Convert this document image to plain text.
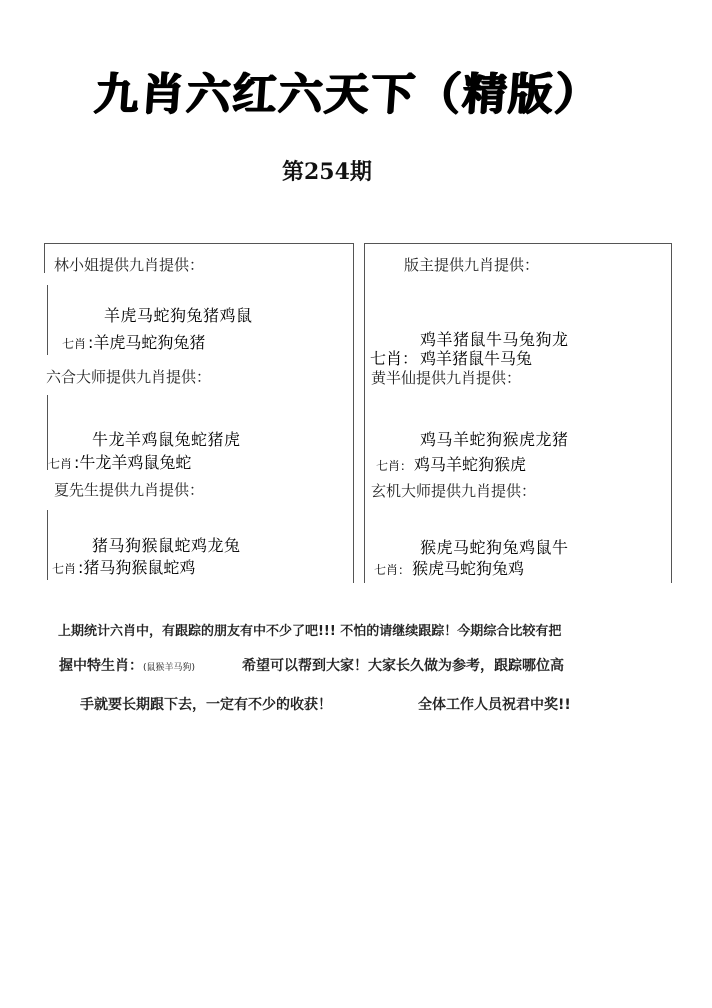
九肖六红六天下（精版）
第254期
林小姐提供九肖提供：
羊虎马蛇狗兔猪鸡鼠
七肖 :羊虎马蛇狗兔猪
六合大师提供九肖提供：
牛龙羊鸡鼠兔蛇猪虎
七肖 :牛龙羊鸡鼠兔蛇
夏先生提供九肖提供：
猪马狗猴鼠蛇鸡龙兔
七肖 :猪马狗猴鼠蛇鸡
版主提供九肖提供：
鸡羊猪鼠牛马兔狗龙
七肖： 鸡羊猪鼠牛马兔
黄半仙提供九肖提供：
鸡马羊蛇狗猴虎龙猪
七肖： 鸡马羊蛇狗猴虎
玄机大师提供九肖提供：
猴虎马蛇狗兔鸡鼠牛
七肖： 猴虎马蛇狗兔鸡
上期统计六肖中，有跟踪的朋友有中不少了吧!!! 不怕的请继续跟踪！今期综合比较有把
握中特生肖：(鼠猴羊马狗)	希望可以帮到大家！大家长久做为参考，跟踪哪位高
手就要长期跟下去，一定有不少的收获！	全体工作人员祝君中奖!!
